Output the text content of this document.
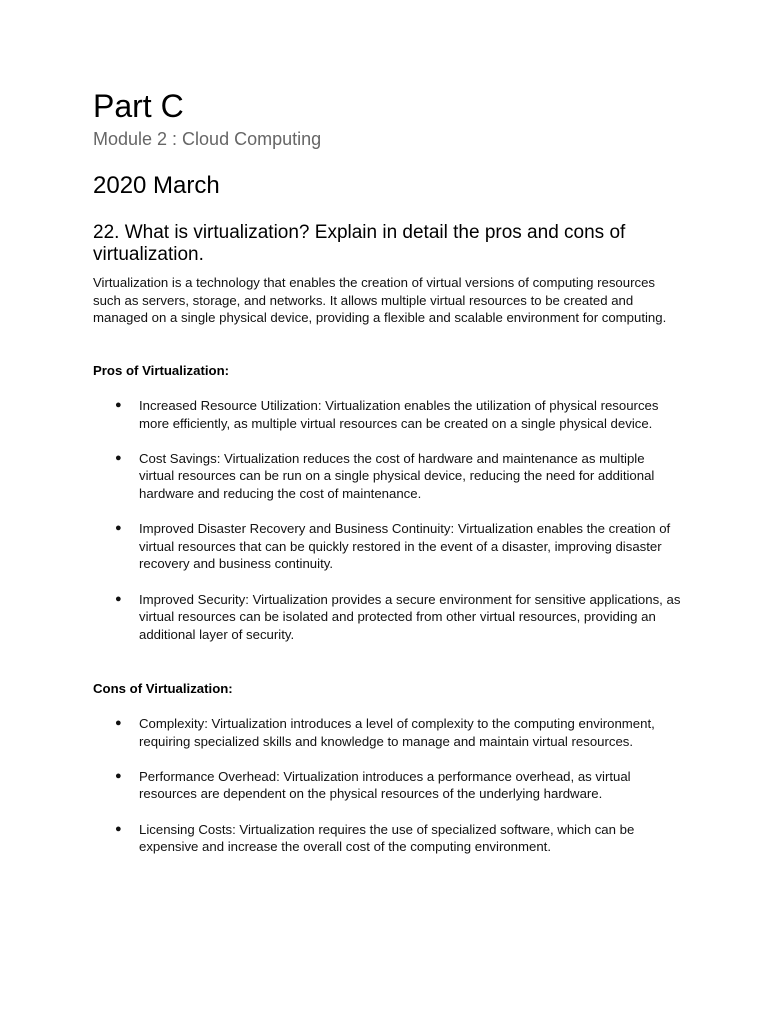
Part C
Module 2 : Cloud Computing
2020 March
22. What is virtualization? Explain in detail the pros and cons of virtualization.

Virtualization is a technology that enables the creation of virtual versions of computing resources such as servers, storage, and networks. It allows multiple virtual resources to be created and managed on a single physical device, providing a flexible and scalable environment for computing.

Pros of Virtualization:
● Increased Resource Utilization: Virtualization enables the utilization of physical resources more efficiently, as multiple virtual resources can be created on a single physical device.
● Cost Savings: Virtualization reduces the cost of hardware and maintenance as multiple virtual resources can be run on a single physical device, reducing the need for additional hardware and reducing the cost of maintenance.
● Improved Disaster Recovery and Business Continuity: Virtualization enables the creation of virtual resources that can be quickly restored in the event of a disaster, improving disaster recovery and business continuity.
● Improved Security: Virtualization provides a secure environment for sensitive applications, as virtual resources can be isolated and protected from other virtual resources, providing an additional layer of security.
Cons of Virtualization:
● Complexity: Virtualization introduces a level of complexity to the computing environment, requiring specialized skills and knowledge to manage and maintain virtual resources.
● Performance Overhead: Virtualization introduces a performance overhead, as virtual resources are dependent on the physical resources of the underlying hardware.
● Licensing Costs: Virtualization requires the use of specialized software, which can be expensive and increase the overall cost of the computing environment.
